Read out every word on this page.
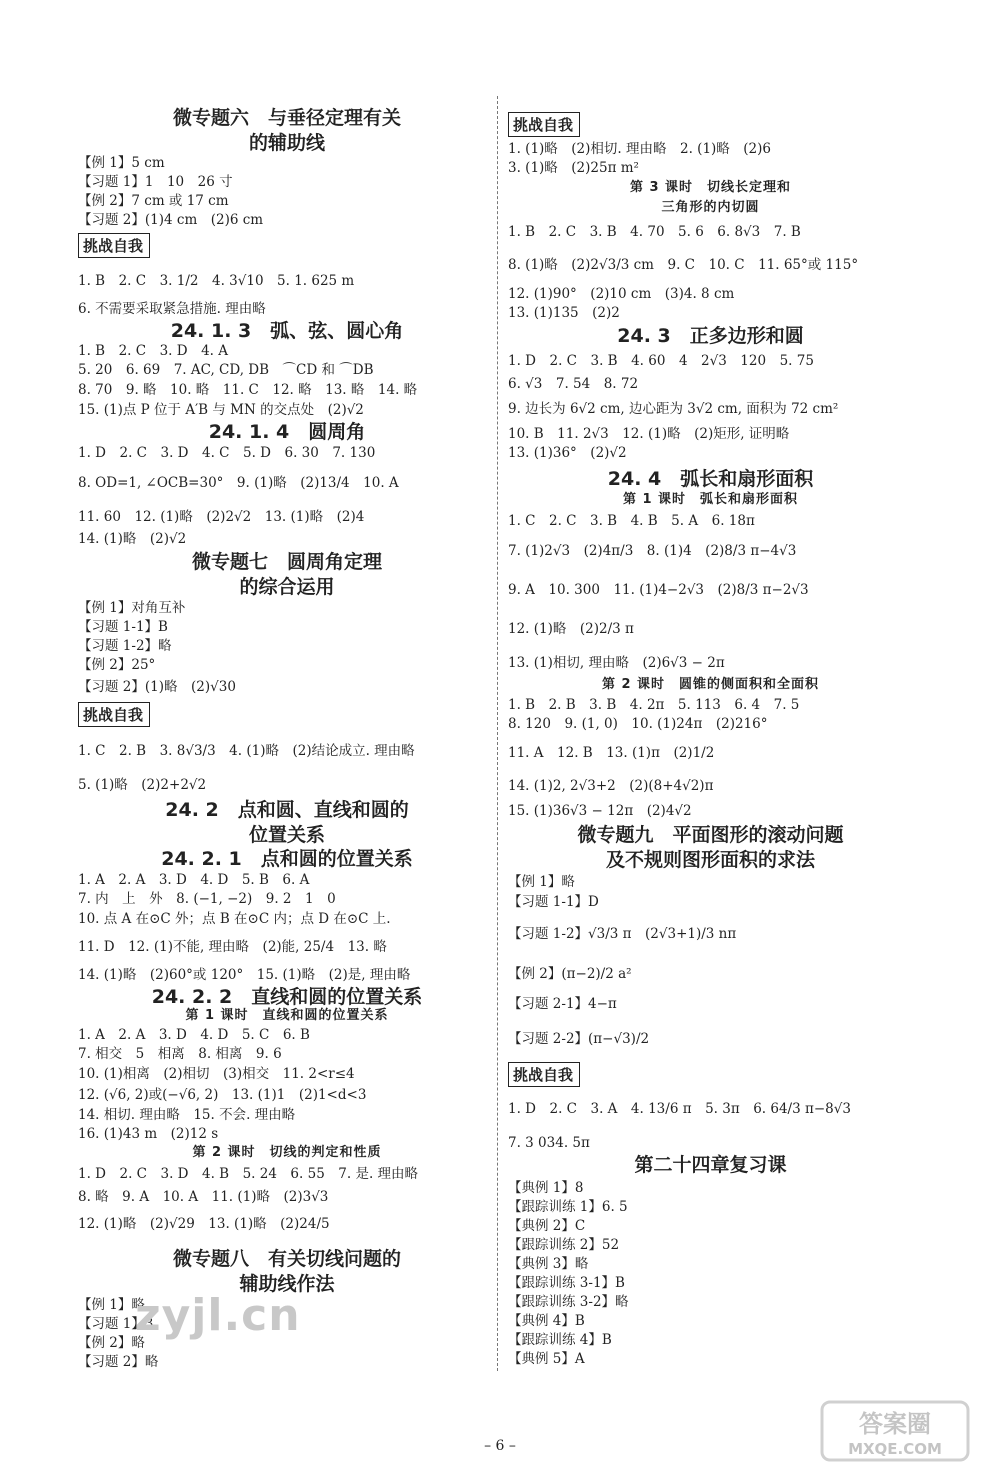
微专题六　与垂径定理有关
的辅助线
【例 1】5 cm
【习题 1】1　10　26 寸
【例 2】7 cm 或 17 cm
【习题 2】(1)4 cm　(2)6 cm
挑战自我
1. B　2. C　3. 1/2　4. 3√10　5. 1. 625 m
6. 不需要采取紧急措施. 理由略
24. 1. 3　弧、弦、圆心角
1. B　2. C　3. D　4. A
5. 20　6. 69　7. AC, CD, DB　⌒CD 和 ⌒DB
8. 70　9. 略　10. 略　11. C　12. 略　13. 略　14. 略
15. (1)点 P 位于 A′B 与 MN 的交点处　(2)√2
24. 1. 4　圆周角
1. D　2. C　3. D　4. C　5. D　6. 30　7. 130
8. OD=1, ∠OCB=30°　9. (1)略　(2)13/4　10. A
11. 60　12. (1)略　(2)2√2　13. (1)略　(2)4
14. (1)略　(2)√2
微专题七　圆周角定理
的综合运用
【例 1】对角互补
【习题 1-1】B
【习题 1-2】略
【例 2】25°
【习题 2】(1)略　(2)√30
挑战自我
1. C　2. B　3. 8√3/3　4. (1)略　(2)结论成立. 理由略
5. (1)略　(2)2+2√2
24. 2　点和圆、直线和圆的
位置关系
24. 2. 1　点和圆的位置关系
1. A　2. A　3. D　4. D　5. B　6. A
7. 内　上　外　8. (−1, −2)　9. 2　1　0
10. 点 A 在⊙C 外；点 B 在⊙C 内；点 D 在⊙C 上.
11. D　12. (1)不能, 理由略　(2)能, 25/4　13. 略
14. (1)略　(2)60°或 120°　15. (1)略　(2)是, 理由略
24. 2. 2　直线和圆的位置关系
第 1 课时　直线和圆的位置关系
1. A　2. A　3. D　4. D　5. C　6. B
7. 相交　5　相离　8. 相离　9. 6
10. (1)相离　(2)相切　(3)相交　11. 2<r≤4
12. (√6, 2)或(−√6, 2)　13. (1)1　(2)1<d<3
14. 相切. 理由略　15. 不会. 理由略
16. (1)43 m　(2)12 s
第 2 课时　切线的判定和性质
1. D　2. C　3. D　4. B　5. 24　6. 55　7. 是. 理由略
8. 略　9. A　10. A　11. (1)略　(2)3√3
12. (1)略　(2)√29　13. (1)略　(2)24/5
微专题八　有关切线问题的
辅助线作法
【例 1】略
【习题 1】3
【例 2】略
【习题 2】略
挑战自我
1. (1)略　(2)相切. 理由略　2. (1)略　(2)6
3. (1)略　(2)25π m²
第 3 课时　切线长定理和
三角形的内切圆
1. B　2. C　3. B　4. 70　5. 6　6. 8√3　7. B
8. (1)略　(2)2√3/3 cm　9. C　10. C　11. 65°或 115°
12. (1)90°　(2)10 cm　(3)4. 8 cm
13. (1)135　(2)2
24. 3　正多边形和圆
1. D　2. C　3. B　4. 60　4　2√3　120　5. 75
6. √3　7. 54　8. 72
9. 边长为 6√2 cm, 边心距为 3√2 cm, 面积为 72 cm²
10. B　11. 2√3　12. (1)略　(2)矩形, 证明略
13. (1)36°　(2)√2
24. 4　弧长和扇形面积
第 1 课时　弧长和扇形面积
1. C　2. C　3. B　4. B　5. A　6. 18π
7. (1)2√3　(2)4π/3　8. (1)4　(2)8/3 π−4√3
9. A　10. 300　11. (1)4−2√3　(2)8/3 π−2√3
12. (1)略　(2)2/3 π
13. (1)相切, 理由略　(2)6√3 − 2π
第 2 课时　圆锥的侧面积和全面积
1. B　2. B　3. B　4. 2π　5. 113　6. 4　7. 5
8. 120　9. (1, 0)　10. (1)24π　(2)216°
11. A　12. B　13. (1)π　(2)1/2
14. (1)2, 2√3+2　(2)(8+4√2)π
15. (1)36√3 − 12π　(2)4√2
微专题九　平面图形的滚动问题
及不规则图形面积的求法
【例 1】略
【习题 1-1】D
【习题 1-2】√3/3 π　(2√3+1)/3 nπ
【例 2】(π−2)/2 a²
【习题 2-1】4−π
【习题 2-2】(π−√3)/2
挑战自我
1. D　2. C　3. A　4. 13/6 π　5. 3π　6. 64/3 π−8√3
7. 3 034. 5π
第二十四章复习课
【典例 1】8
【跟踪训练 1】6. 5
【典例 2】C
【跟踪训练 2】52
【典例 3】略
【跟踪训练 3-1】B
【跟踪训练 3-2】略
【典例 4】B
【跟踪训练 4】B
【典例 5】A
zyjl.cn
答案圈
MXQE.COM
– 6 –
